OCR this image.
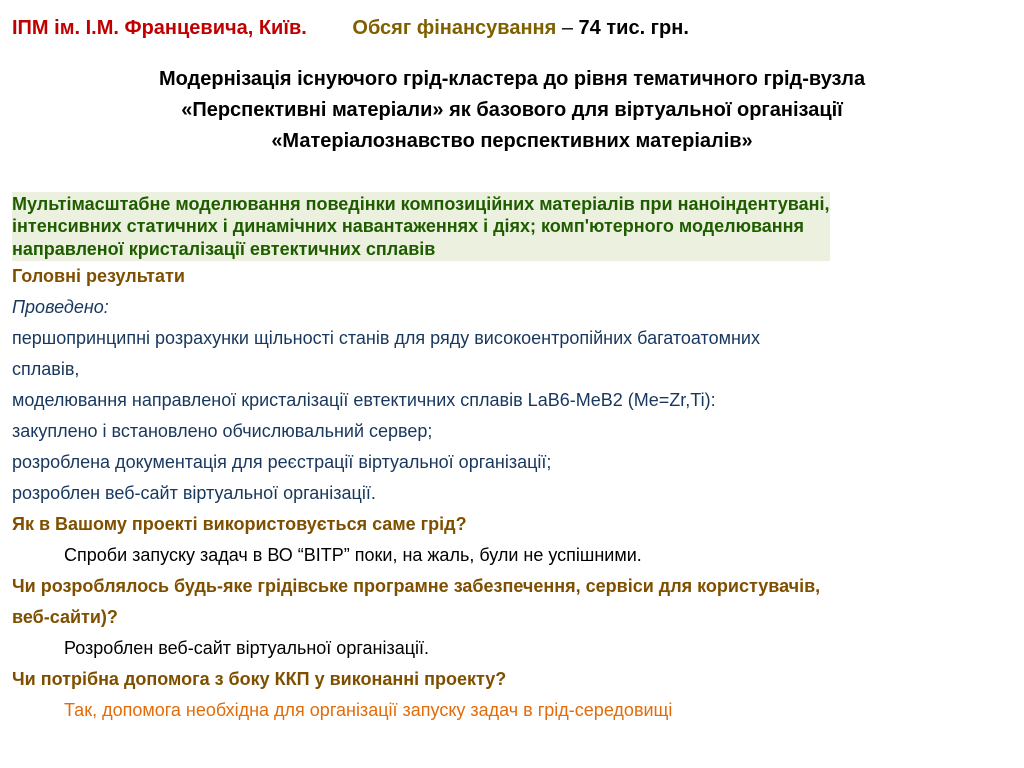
ІПМ ім. І.М. Францевича, Київ. Обсяг фінансування – 74 тис. грн.
Модернізація існуючого грід-кластера до рівня тематичного грід-вузла
«Перспективні матеріали» як базового для віртуальної організації
«Матеріалознавство перспективних матеріалів»
Мультімасштабне моделювання поведінки композиційних матеріалів при наноіндентувані,
інтенсивних статичних і динамічних навантаженнях і діях; комп'ютерного моделювання
направленої кристалізації евтектичних сплавів
Головні результати
Проведено:
першопринципні розрахунки щільності станів для ряду високоентропійних багатоатомних
сплавів,
моделювання направленої кристалізації евтектичних сплавів LaB6-MeB2 (Me=Zr,Ti):
закуплено і встановлено обчислювальний сервер;
розроблена документація для реєстрації віртуальної організації;
розроблен веб-сайт віртуальної організації.
Як в Вашому проекті використовується саме грід?
Спроби запуску задач в ВО “ВІТР” поки, на жаль, були не успішними.
Чи розроблялось будь-яке грідівське програмне забезпечення, сервіси для користувачів,
веб-сайти)?
Розроблен веб-сайт віртуальної організації.
Чи потрібна допомога з боку ККП у виконанні проекту?
Так, допомога необхідна для організації запуску задач в грід-середовищі
